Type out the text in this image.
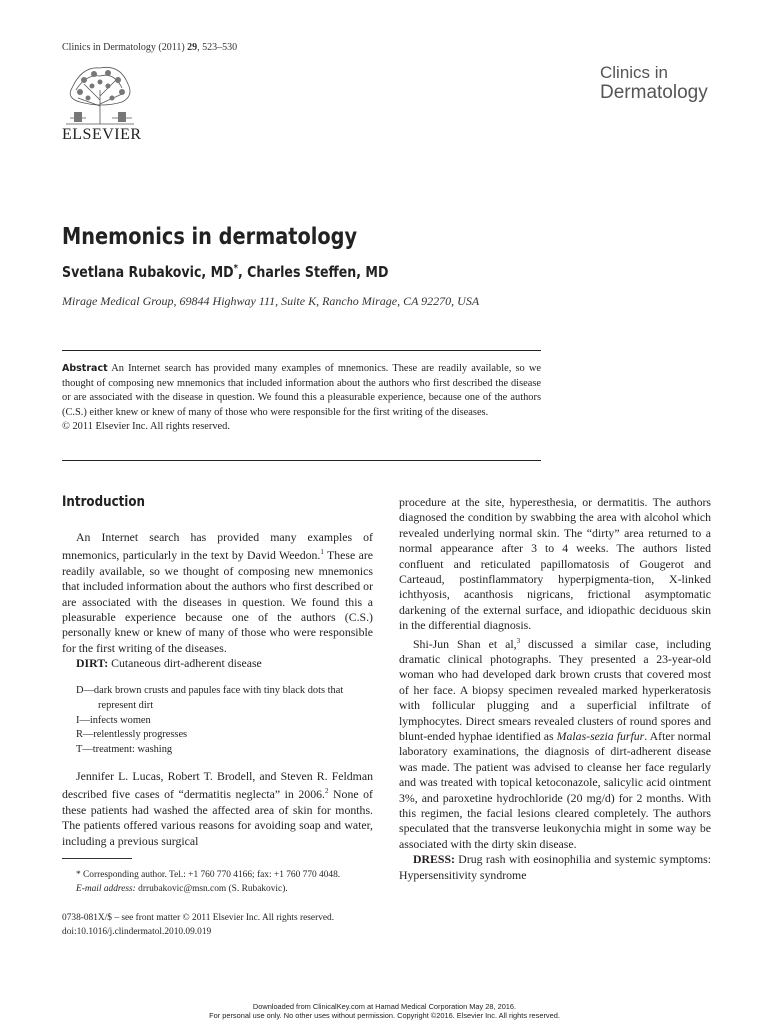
Clinics in Dermatology (2011) 29, 523–530
ELSEVIER
Clinics in
Dermatology
Mnemonics in dermatology
Svetlana Rubakovic, MD*, Charles Steffen, MD
Mirage Medical Group, 69844 Highway 111, Suite K, Rancho Mirage, CA 92270, USA
Abstract An Internet search has provided many examples of mnemonics. These are readily available, so we thought of composing new mnemonics that included information about the authors who first described the disease or are associated with the disease in question. We found this a pleasurable experience, because one of the authors (C.S.) either knew or knew of many of those who were responsible for the first writing of the diseases.
© 2011 Elsevier Inc. All rights reserved.
Introduction

An Internet search has provided many examples of mnemonics, particularly in the text by David Weedon.$^1$ These are readily available, so we thought of composing new mnemonics that included information about the authors who first described or are associated with the diseases in question. We found this a pleasurable experience because one of the authors (C.S.) personally knew or knew of many of those who were responsible for the first writing of the diseases.

DIRT: Cutaneous dirt-adherent disease

D—dark brown crusts and papules face with tiny black dots that
represent dirt
I—infects women
R—relentlessly progresses
T—treatment: washing

Jennifer L. Lucas, Robert T. Brodell, and Steven R. Feldman described five cases of “dermatitis neglecta” in 2006.$^2$ None of these patients had washed the affected area of skin for months. The patients offered various reasons for avoiding soap and water, including a previous surgical

* Corresponding author. Tel.: +1 760 770 4166; fax: +1 760 770 4048.
E-mail address: drrubakovic@msn.com (S. Rubakovic).
0738-081X/$ – see front matter © 2011 Elsevier Inc. All rights reserved.
doi:10.1016/j.clindermatol.2010.09.019

procedure at the site, hyperesthesia, or dermatitis. The authors diagnosed the condition by swabbing the area with alcohol which revealed underlying normal skin. The “dirty” area returned to a normal appearance after 3 to 4 weeks. The authors listed confluent and reticulated papillomatosis of Gougerot and Carteaud, postinflammatory hyperpigmenta-tion, X-linked ichthyosis, acanthosis nigricans, frictional asymptomatic darkening of the external surface, and idiopathic deciduous skin in the differential diagnosis.

Shi-Jun Shan et al,$^3$ discussed a similar case, including dramatic clinical photographs. They presented a 23-year-old woman who had developed dark brown crusts that covered most of her face. A biopsy specimen revealed marked hyperkeratosis with follicular plugging and a superficial infiltrate of lymphocytes. Direct smears revealed clusters of round spores and blunt-ended hyphae identified as Malas-sezia furfur. After normal laboratory examinations, the diagnosis of dirt-adherent disease was made. The patient was advised to cleanse her face regularly and was treated with topical ketoconazole, salicylic acid ointment 3%, and paroxetine hydrochloride (20 mg/d) for 2 months. With this regimen, the facial lesions cleared completely. The authors speculated that the transverse leukonychia might in some way be associated with the dirty skin disease.

DRESS: Drug rash with eosinophilia and systemic symptoms: Hypersensitivity syndrome

Downloaded from ClinicalKey.com at Hamad Medical Corporation May 28, 2016.
For personal use only. No other uses without permission. Copyright ©2016. Elsevier Inc. All rights reserved.
